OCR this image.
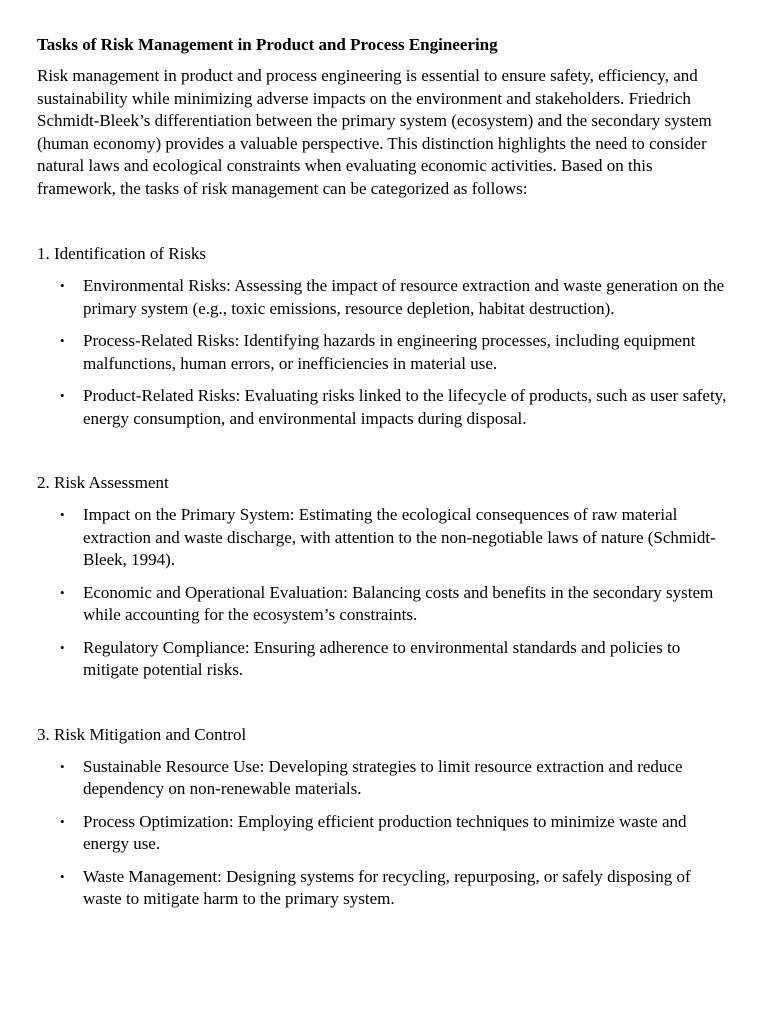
Tasks of Risk Management in Product and Process Engineering

Risk management in product and process engineering is essential to ensure safety, efficiency, and sustainability while minimizing adverse impacts on the environment and stakeholders. Friedrich Schmidt-Bleek’s differentiation between the primary system (ecosystem) and the secondary system (human economy) provides a valuable perspective. This distinction highlights the need to consider natural laws and ecological constraints when evaluating economic activities. Based on this framework, the tasks of risk management can be categorized as follows:

1. Identification of Risks
• Environmental Risks: Assessing the impact of resource extraction and waste generation on the primary system (e.g., toxic emissions, resource depletion, habitat destruction).
• Process-Related Risks: Identifying hazards in engineering processes, including equipment malfunctions, human errors, or inefficiencies in material use.
• Product-Related Risks: Evaluating risks linked to the lifecycle of products, such as user safety, energy consumption, and environmental impacts during disposal.
2. Risk Assessment
• Impact on the Primary System: Estimating the ecological consequences of raw material extraction and waste discharge, with attention to the non-negotiable laws of nature (Schmidt-Bleek, 1994).
• Economic and Operational Evaluation: Balancing costs and benefits in the secondary system while accounting for the ecosystem’s constraints.
• Regulatory Compliance: Ensuring adherence to environmental standards and policies to mitigate potential risks.
3. Risk Mitigation and Control
• Sustainable Resource Use: Developing strategies to limit resource extraction and reduce dependency on non-renewable materials.
• Process Optimization: Employing efficient production techniques to minimize waste and energy use.
• Waste Management: Designing systems for recycling, repurposing, or safely disposing of waste to mitigate harm to the primary system.
